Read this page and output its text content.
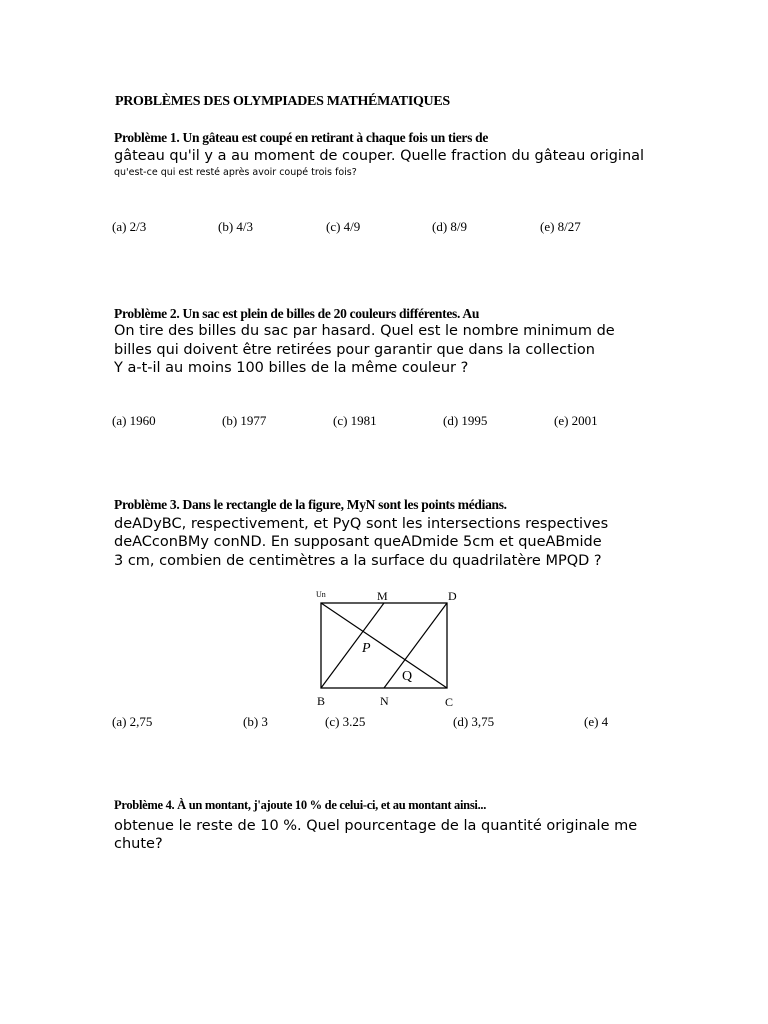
PROBLÈMES DES OLYMPIADES MATHÉMATIQUES
Problème 1. Un gâteau est coupé en retirant à chaque fois un tiers de
gâteau qu'il y a au moment de couper. Quelle fraction du gâteau original
qu'est-ce qui est resté après avoir coupé trois fois?
(a) 2/3	(b) 4/3	(c) 4/9	(d) 8/9	(e) 8/27
Problème 2. Un sac est plein de billes de 20 couleurs différentes. Au
On tire des billes du sac par hasard. Quel est le nombre minimum de
billes qui doivent être retirées pour garantir que dans la collection
Y a-t-il au moins 100 billes de la même couleur ?
(a) 1960	(b) 1977	(c) 1981	(d) 1995	(e) 2001
Problème 3. Dans le rectangle de la figure, MyN sont les points médians.
deADyBC, respectivement, et PyQ sont les intersections respectives
deACconBMy conND. En supposant queADmide 5cm et queABmide
3 cm, combien de centimètres a la surface du quadrilatère MPQD ?
Un	M	D
P
Q
B	N	C
(a) 2,75	(b) 3	(c) 3.25	(d) 3,75	(e) 4
Problème 4. À un montant, j'ajoute 10 % de celui-ci, et au montant ainsi...
obtenue le reste de 10 %. Quel pourcentage de la quantité originale me
chute?
